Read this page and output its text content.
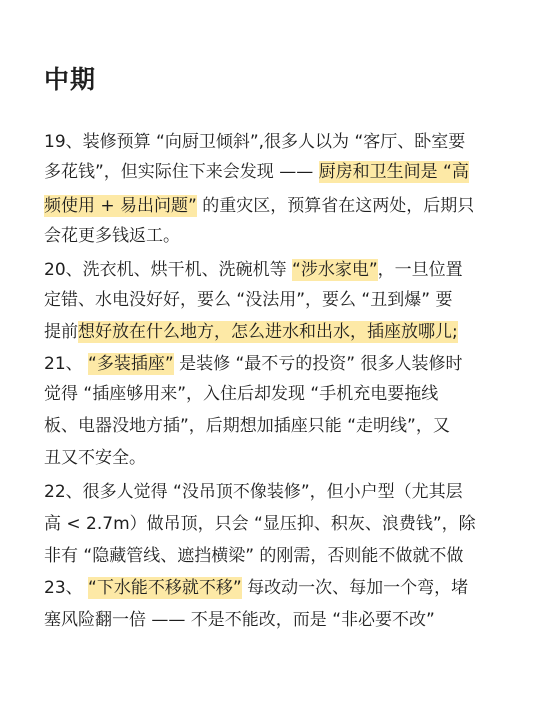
中期
19、装修预算 “向厨卫倾斜”,很多人以为 “客厅、卧室要
多花钱”，但实际住下来会发现 —— 厨房和卫生间是 “高
频使用 + 易出问题” 的重灾区，预算省在这两处，后期只
会花更多钱返工。
20、洗衣机、烘干机、洗碗机等 “涉水家电”，一旦位置
定错、水电没好好，要么 “没法用”，要么 “丑到爆” 要
提前想好放在什么地方，怎么进水和出水，插座放哪儿;
21、 “多装插座” 是装修 “最不亏的投资” 很多人装修时
觉得 “插座够用来”，入住后却发现 “手机充电要拖线
板、电器没地方插”，后期想加插座只能 “走明线”，又
丑又不安全。
22、很多人觉得 “没吊顶不像装修”，但小户型（尤其层
高 < 2.7m）做吊顶，只会 “显压抑、积灰、浪费钱”，除
非有 “隐藏管线、遮挡横梁” 的刚需，否则能不做就不做
23、 “下水能不移就不移” 每改动一次、每加一个弯，堵
塞风险翻一倍 —— 不是不能改，而是 “非必要不改”
